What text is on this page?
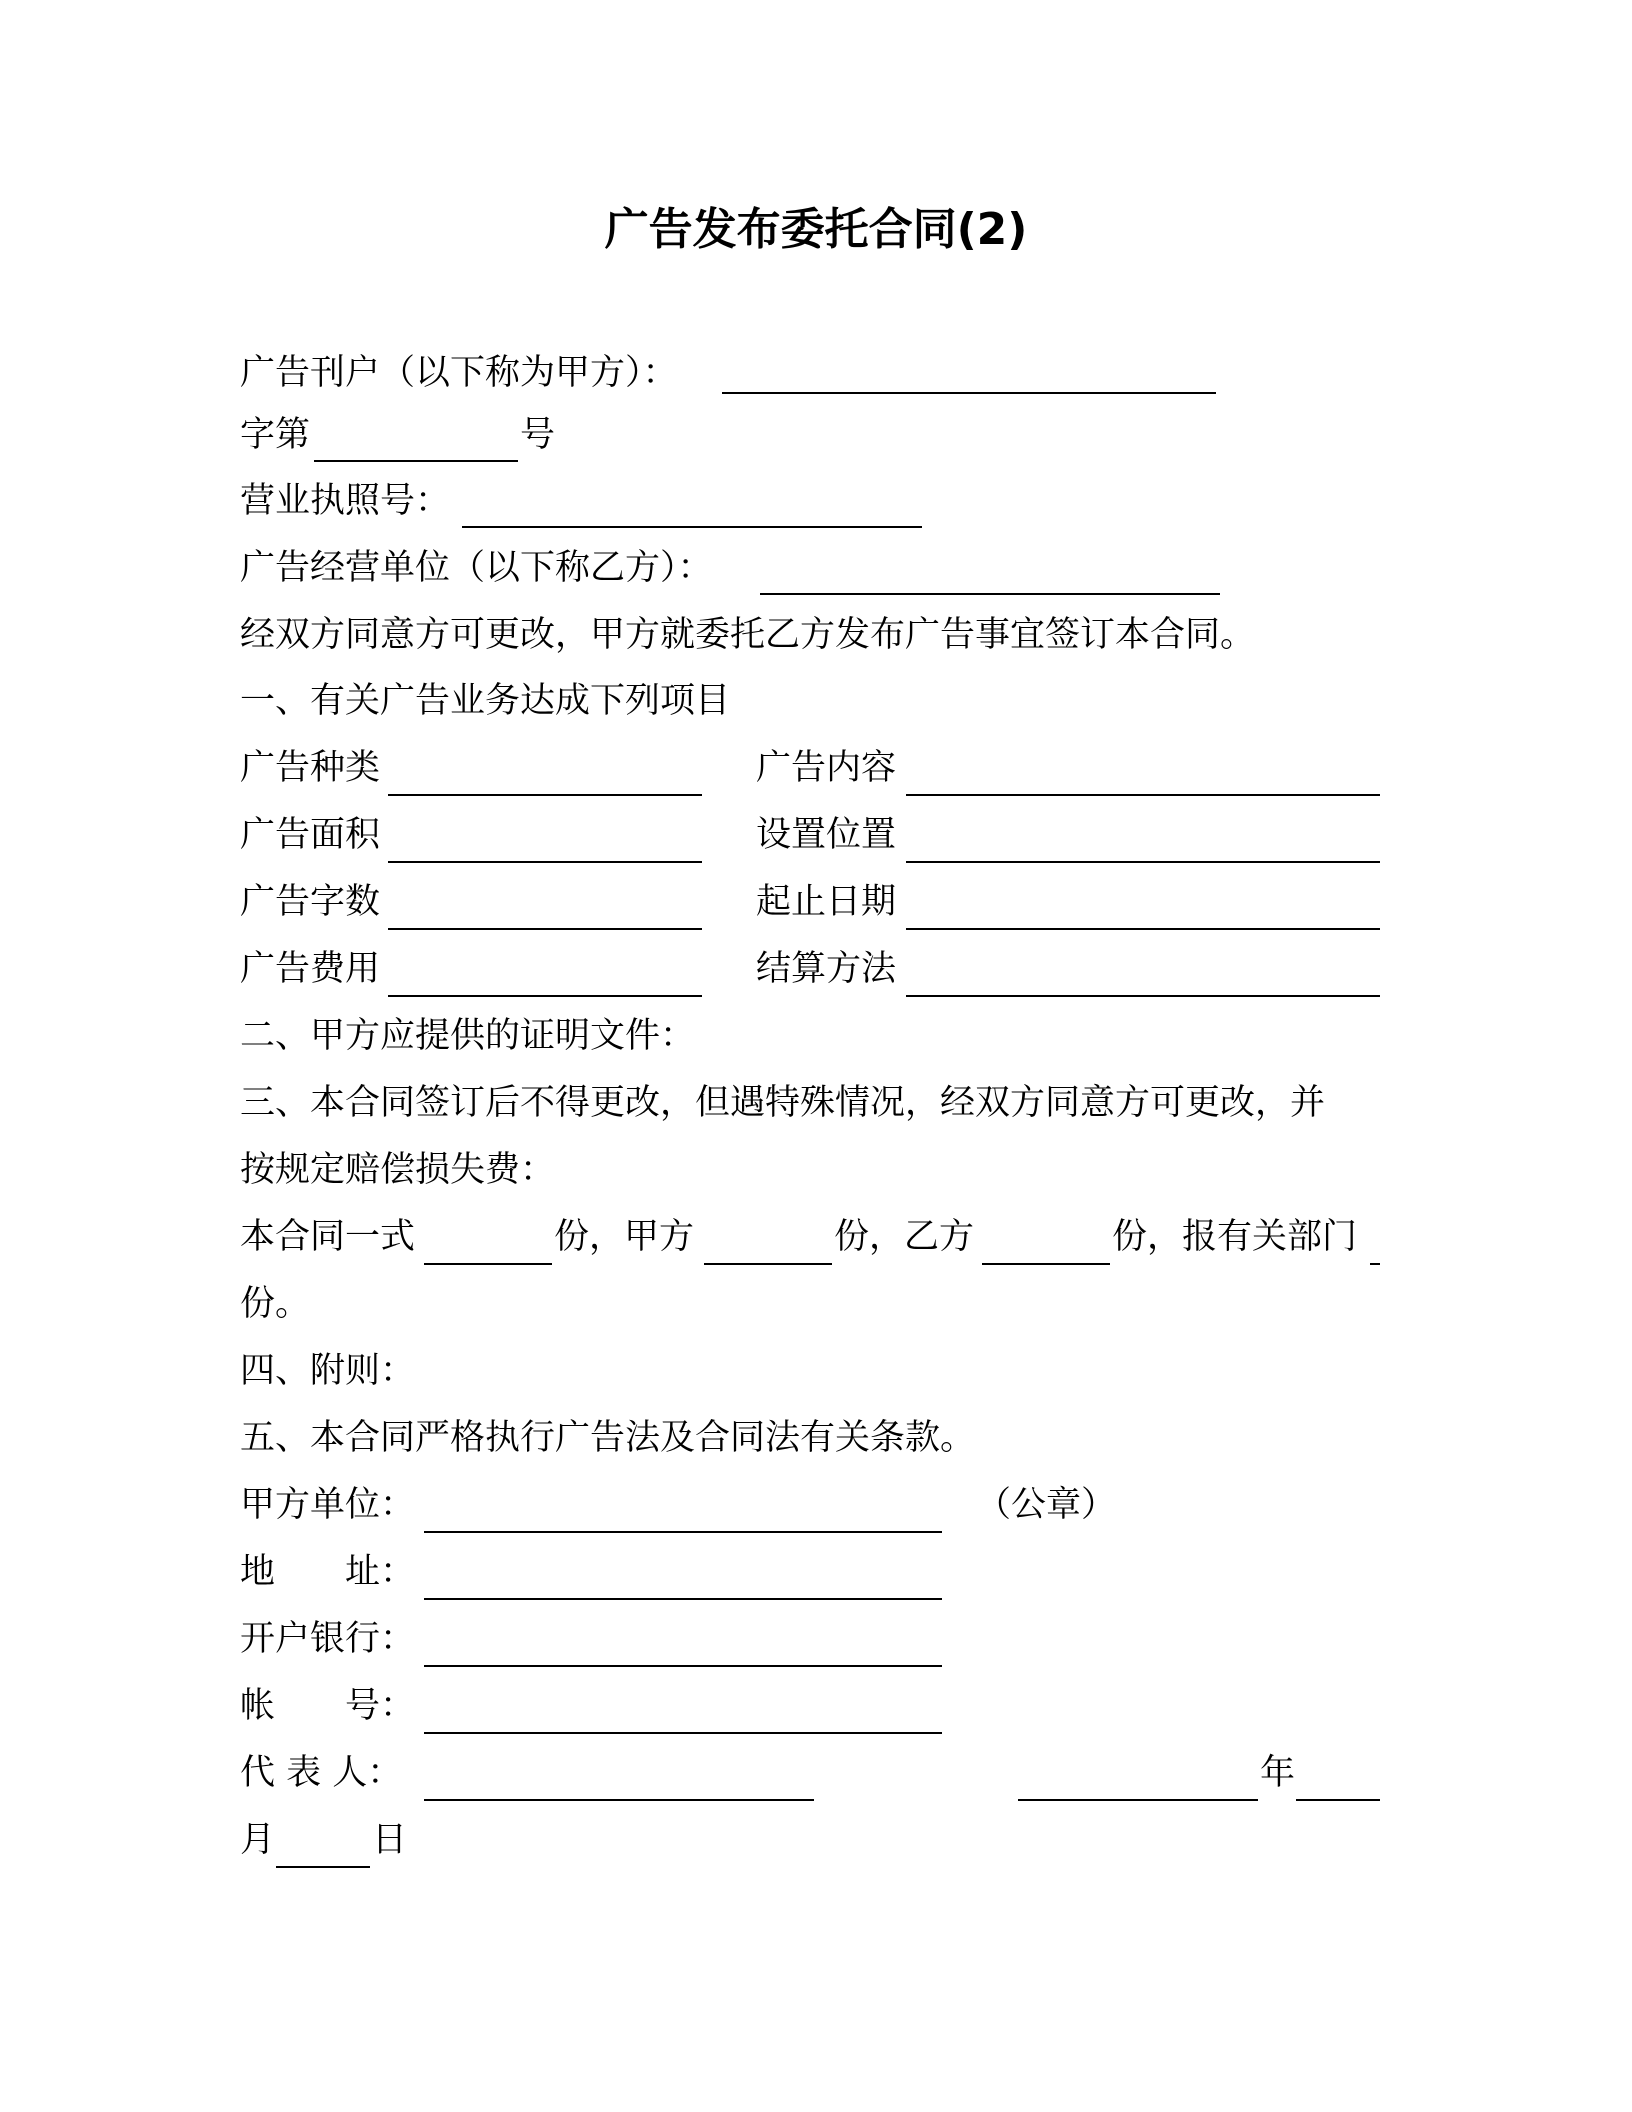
广告发布委托合同(2)
广告刊户（以下称为甲方）：
字第	号
营业执照号：
广告经营单位（以下称乙方）：
经双方同意方可更改，甲方就委托乙方发布广告事宜签订本合同。
一、有关广告业务达成下列项目
广告种类	广告内容
广告面积	设置位置
广告字数	起止日期
广告费用	结算方法
二、甲方应提供的证明文件：
三、本合同签订后不得更改，但遇特殊情况，经双方同意方可更改，并
按规定赔偿损失费：
本合同一式	份，甲方	份，乙方	份，报有关部门
份。
四、附则：
五、本合同严格执行广告法及合同法有关条款。
甲方单位：	（公章）
地　　址：
开户银行：
帐　　号：
代 表 人：	年
月	日
